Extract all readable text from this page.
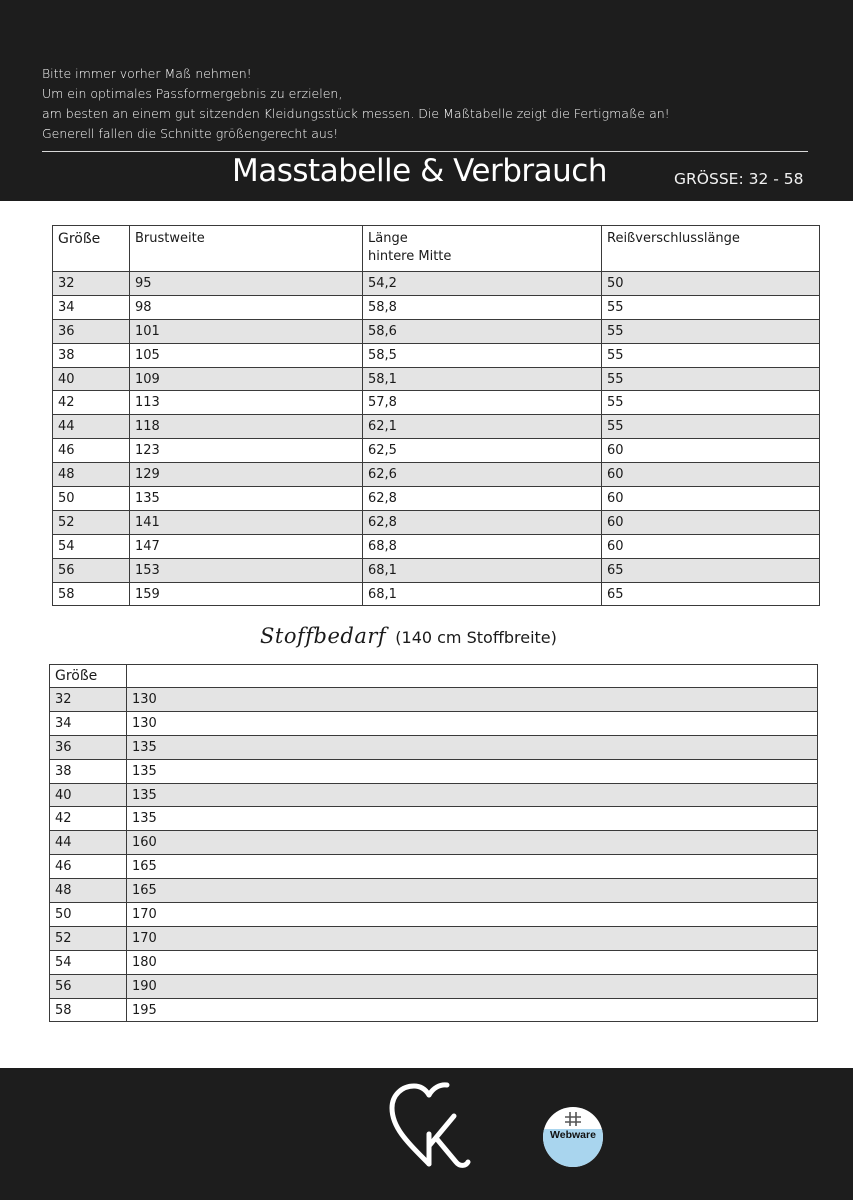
Bitte immer vorher Maß nehmen!
Um ein optimales Passformergebnis zu erzielen,
am besten an einem gut sitzenden Kleidungsstück messen. Die Maßtabelle zeigt die Fertigmaße an!
Generell fallen die Schnitte größengerecht aus!
Masstabelle & Verbrauch	GRÖSSE: 32 - 58
Größe	Brustweite	Länge
hintere Mitte	Reißverschlusslänge
32	95	54,2	50
34	98	58,8	55
36	101	58,6	55
38	105	58,5	55
40	109	58,1	55
42	113	57,8	55
44	118	62,1	55
46	123	62,5	60
48	129	62,6	60
50	135	62,8	60
52	141	62,8	60
54	147	68,8	60
56	153	68,1	65
58	159	68,1	65
Stoffbedarf (140 cm Stoffbreite)
Größe	
32	130
34	130
36	135
38	135
40	135
42	135
44	160
46	165
48	165
50	170
52	170
54	180
56	190
58	195
Webware
